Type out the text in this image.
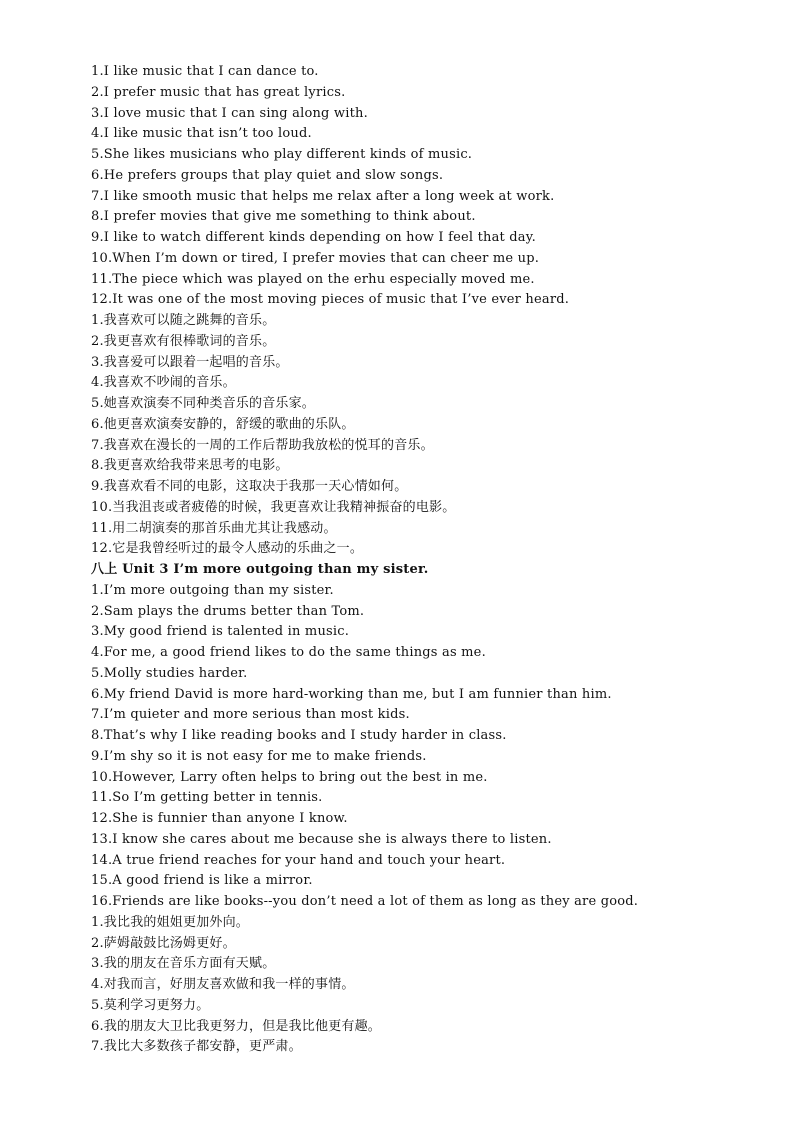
1.I like music that I can dance to.
2.I prefer music that has great lyrics.
3.I love music that I can sing along with.
4.I like music that isn’t too loud.
5.She likes musicians who play different kinds of music.
6.He prefers groups that play quiet and slow songs.
7.I like smooth music that helps me relax after a long week at work.
8.I prefer movies that give me something to think about.
9.I like to watch different kinds depending on how I feel that day.
10.When I’m down or tired, I prefer movies that can cheer me up.
11.The piece which was played on the erhu especially moved me.
12.It was one of the most moving pieces of music that I’ve ever heard.
1.我喜欢可以随之跳舞的音乐。
2.我更喜欢有很棒歌词的音乐。
3.我喜爱可以跟着一起唱的音乐。
4.我喜欢不吵闹的音乐。
5.她喜欢演奏不同种类音乐的音乐家。
6.他更喜欢演奏安静的，舒缓的歌曲的乐队。
7.我喜欢在漫长的一周的工作后帮助我放松的悦耳的音乐。
8.我更喜欢给我带来思考的电影。
9.我喜欢看不同的电影，这取决于我那一天心情如何。
10.当我沮丧或者疲倦的时候，我更喜欢让我精神振奋的电影。
11.用二胡演奏的那首乐曲尤其让我感动。
12.它是我曾经听过的最令人感动的乐曲之一。
八上 Unit 3 I’m more outgoing than my sister.
1.I’m more outgoing than my sister.
2.Sam plays the drums better than Tom.
3.My good friend is talented in music.
4.For me, a good friend likes to do the same things as me.
5.Molly studies harder.
6.My friend David is more hard-working than me, but I am funnier than him.
7.I’m quieter and more serious than most kids.
8.That’s why I like reading books and I study harder in class.
9.I’m shy so it is not easy for me to make friends.
10.However, Larry often helps to bring out the best in me.
11.So I’m getting better in tennis.
12.She is funnier than anyone I know.
13.I know she cares about me because she is always there to listen.
14.A true friend reaches for your hand and touch your heart.
15.A good friend is like a mirror.
16.Friends are like books--you don’t need a lot of them as long as they are good.
1.我比我的姐姐更加外向。
2.萨姆敲鼓比汤姆更好。
3.我的朋友在音乐方面有天赋。
4.对我而言，好朋友喜欢做和我一样的事情。
5.莫利学习更努力。
6.我的朋友大卫比我更努力，但是我比他更有趣。
7.我比大多数孩子都安静，更严肃。
